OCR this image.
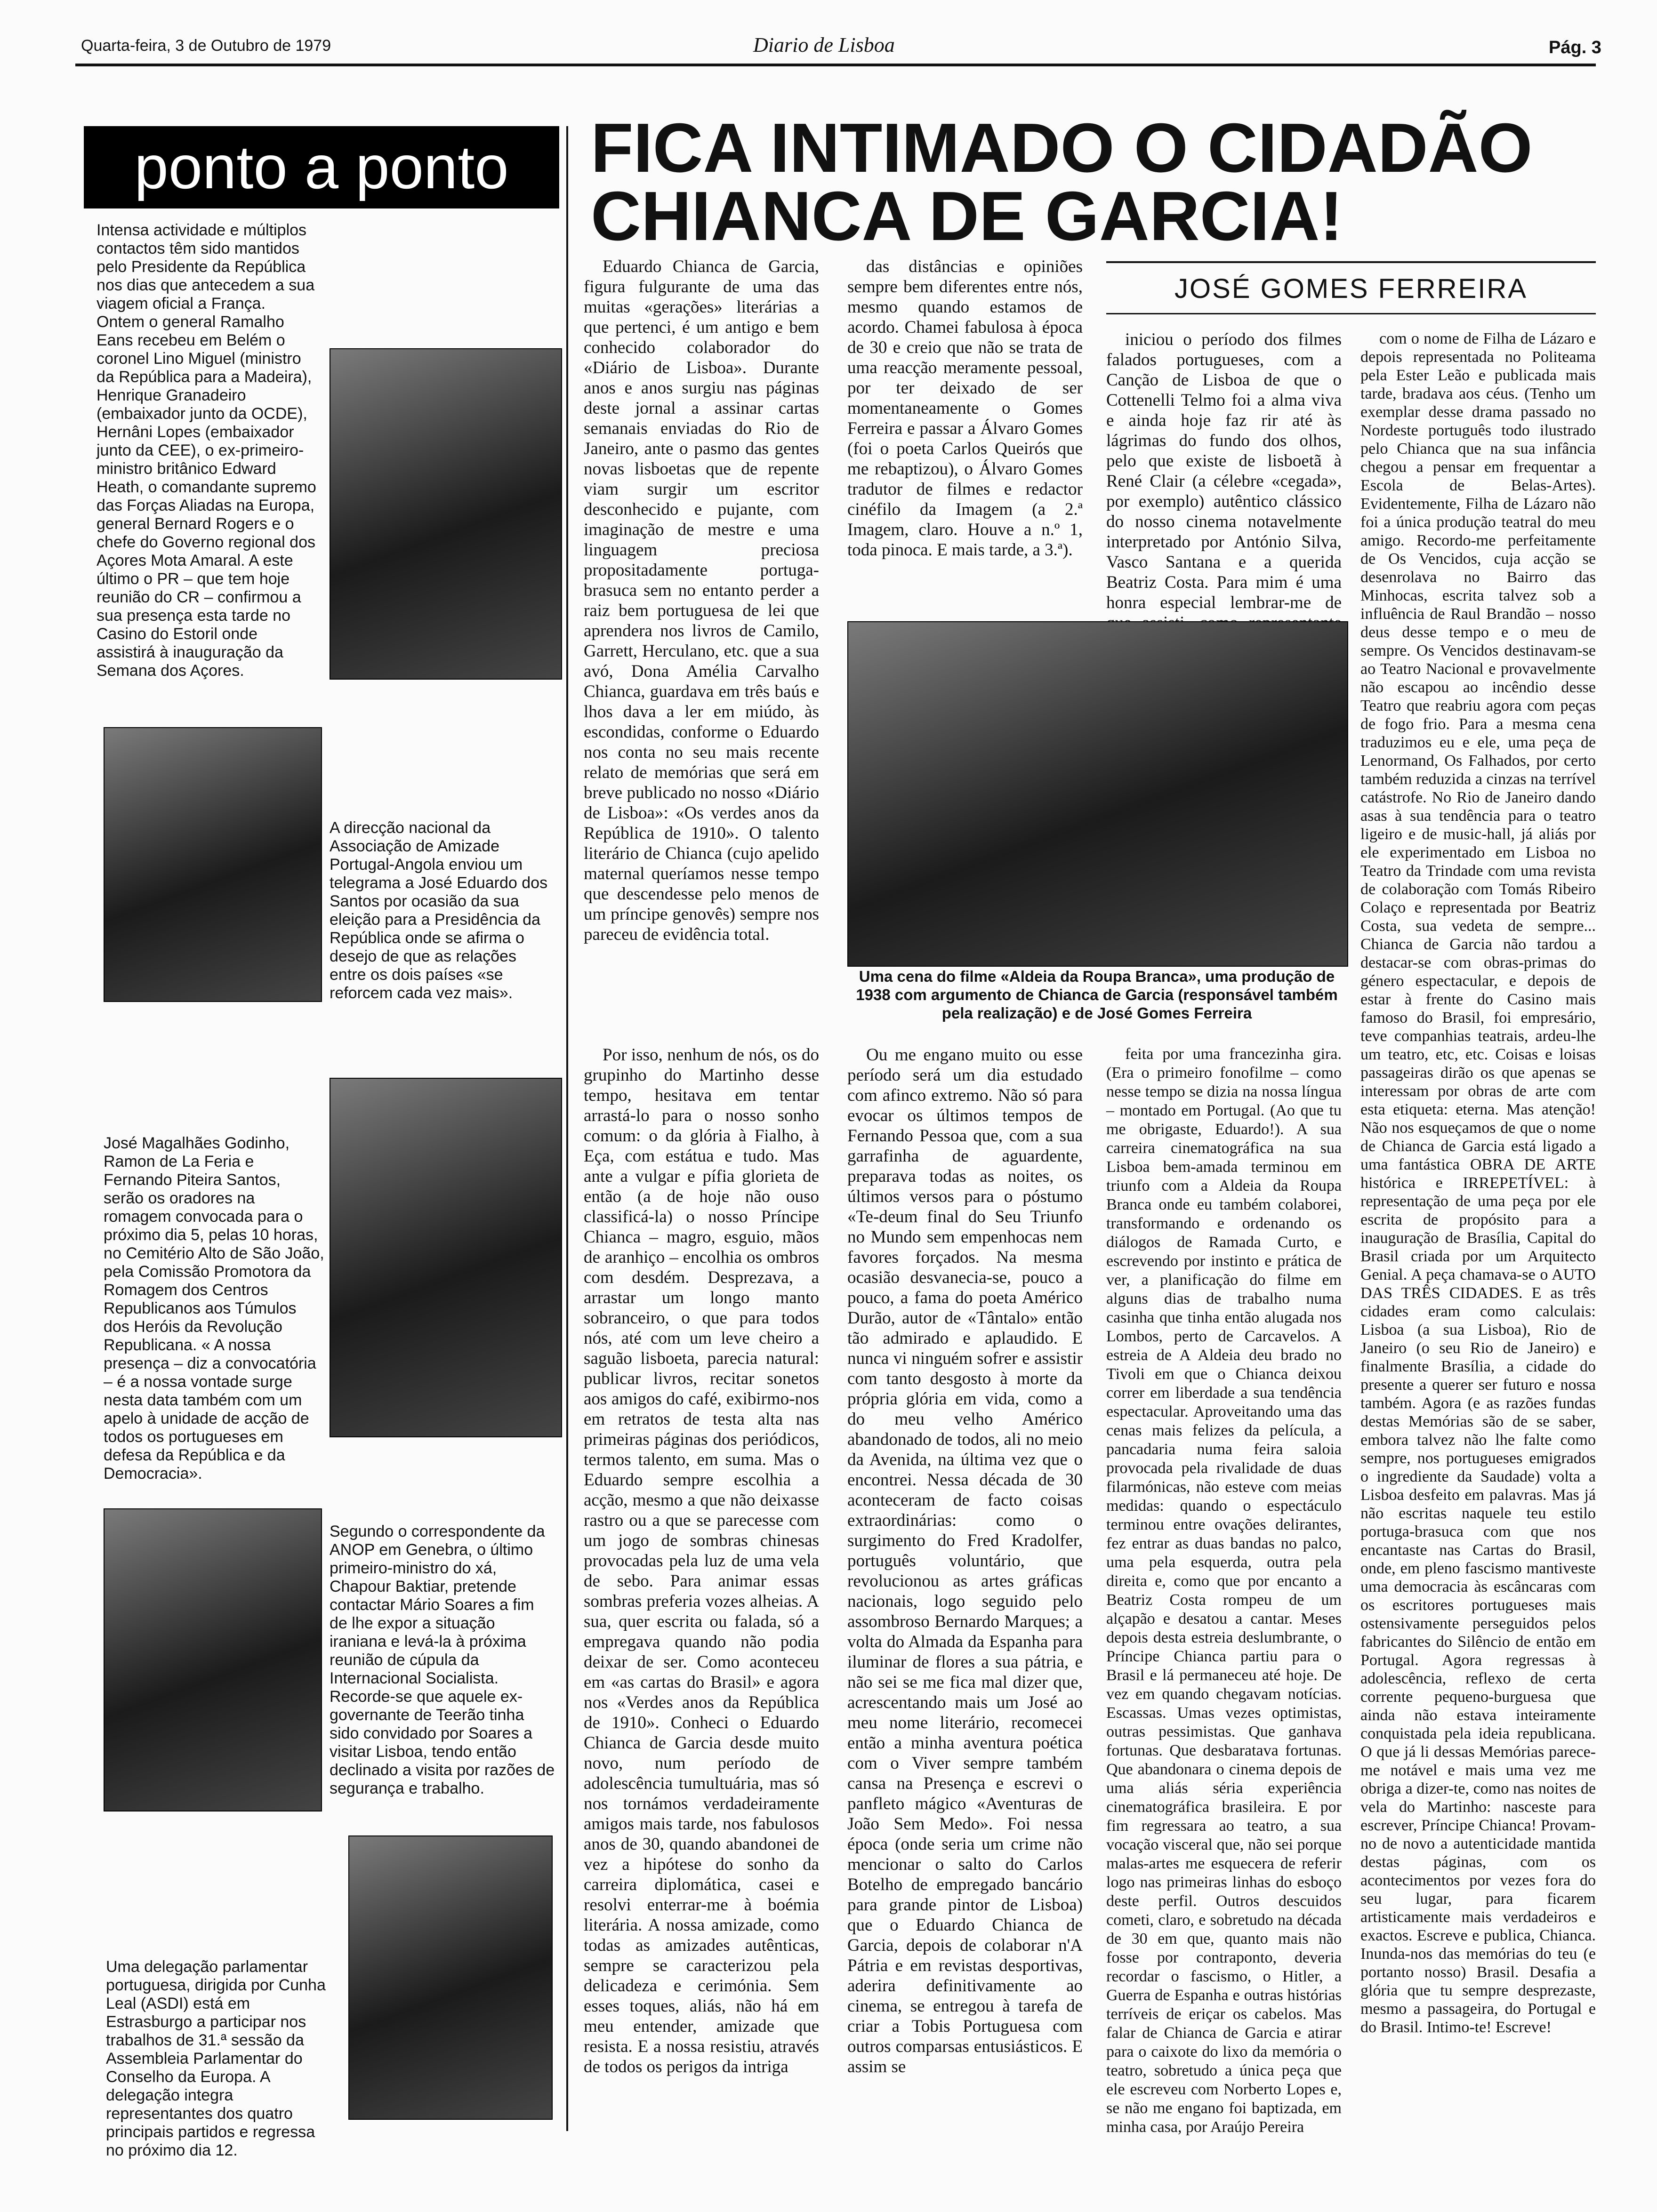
Quarta-feira, 3 de Outubro de 1979	Diario de Lisboa	Pág. 3
ponto a ponto
Intensa actividade e múltiplos contactos têm sido mantidos pelo Presidente da República nos dias que antecedem a sua viagem oficial a França. Ontem o general Ramalho Eans recebeu em Belém o coronel Lino Miguel (ministro da República para a Madeira), Henrique Granadeiro (embaixador junto da OCDE), Hernâni Lopes (embaixador junto da CEE), o ex-primeiro-ministro britânico Edward Heath, o comandante supremo das Forças Aliadas na Europa, general Bernard Rogers e o chefe do Governo regional dos Açores Mota Amaral. A este último o PR – que tem hoje reunião do CR – confirmou a sua presença esta tarde no Casino do Estoril onde assistirá à inauguração da Semana dos Açores.
A direcção nacional da Associação de Amizade Portugal-Angola enviou um telegrama a José Eduardo dos Santos por ocasião da sua eleição para a Presidência da República onde se afirma o desejo de que as relações entre os dois países «se reforcem cada vez mais».
José Magalhães Godinho, Ramon de La Feria e Fernando Piteira Santos, serão os oradores na romagem convocada para o próximo dia 5, pelas 10 horas, no Cemitério Alto de São João, pela Comissão Promotora da Romagem dos Centros Republicanos aos Túmulos dos Heróis da Revolução Republicana. « A nossa presença – diz a convocatória – é a nossa vontade surge nesta data também com um apelo à unidade de acção de todos os portugueses em defesa da República e da Democracia».
Segundo o correspondente da ANOP em Genebra, o último primeiro-ministro do xá, Chapour Baktiar, pretende contactar Mário Soares a fim de lhe expor a situação iraniana e levá-la à próxima reunião de cúpula da Internacional Socialista. Recorde-se que aquele ex-governante de Teerão tinha sido convidado por Soares a visitar Lisboa, tendo então declinado a visita por razões de segurança e trabalho.
Uma delegação parlamentar portuguesa, dirigida por Cunha Leal (ASDI) está em Estrasburgo a participar nos trabalhos de 31.ª sessão da Assembleia Parlamentar do Conselho da Europa. A delegação integra representantes dos quatro principais partidos e regressa no próximo dia 12.
FICA INTIMADO O CIDADÃO
CHIANCA DE GARCIA!
JOSÉ GOMES FERREIRA

Eduardo Chianca de Garcia, figura fulgurante de uma das muitas «gerações» literárias a que pertenci, é um antigo e bem conhecido colaborador do «Diário de Lisboa». Durante anos e anos surgiu nas páginas deste jornal a assinar cartas semanais enviadas do Rio de Janeiro, ante o pasmo das gentes novas lisboetas que de repente viam surgir um escritor desconhecido e pujante, com imaginação de mestre e uma linguagem preciosa propositadamente portuga-brasuca sem no entanto perder a raiz bem portuguesa de lei que aprendera nos livros de Camilo, Garrett, Herculano, etc. que a sua avó, Dona Amélia Carvalho Chianca, guardava em três baús e lhos dava a ler em miúdo, às escondidas, conforme o Eduardo nos conta no seu mais recente relato de memórias que será em breve publicado no nosso «Diário de Lisboa»: «Os verdes anos da República de 1910». O talento literário de Chianca (cujo apelido maternal queríamos nesse tempo que descendesse pelo menos de um príncipe genovês) sempre nos pareceu de evidência total.

das distâncias e opiniões sempre bem diferentes entre nós, mesmo quando estamos de acordo. Chamei fabulosa à época de 30 e creio que não se trata de uma reacção meramente pessoal, por ter deixado de ser momentaneamente o Gomes Ferreira e passar a Álvaro Gomes (foi o poeta Carlos Queirós que me rebaptizou), o Álvaro Gomes tradutor de filmes e redactor cinéfilo da Imagem (a 2.ª Imagem, claro. Houve a n.º 1, toda pinoca. E mais tarde, a 3.ª).

iniciou o período dos filmes falados portugueses, com a Canção de Lisboa de que o Cottenelli Telmo foi a alma viva e ainda hoje faz rir até às lágrimas do fundo dos olhos, pelo que existe de lisboetã à René Clair (a célebre «cegada», por exemplo) autêntico clássico do nosso cinema notavelmente interpretado por António Silva, Vasco Santana e a querida Beatriz Costa. Para mim é uma honra especial lembrar-me de

com o nome de Filha de Lázaro e depois representada no Politeama pela Ester Leão e publicada mais tarde, bradava aos céus. (Tenho um exemplar desse drama passado no Nordeste português todo ilustrado pelo Chianca que na sua infância chegou a pensar em frequentar a Escola de Belas-Artes). Evidentemente, Filha de Lázaro não foi a única produção teatral do meu amigo. Recordo-me perfeitamente de Os Vencidos, cuja acção se desenrolava no Bairro das Minhocas, escrita talvez sob a influência de Raul Brandão – nosso deus desse tempo e o meu de sempre. Os Vencidos destinavam-se ao Teatro Nacional e provavelmente não escapou ao incêndio desse Teatro que reabriu agora com peças de fogo frio. Para a mesma cena traduzimos eu e ele, uma peça de Lenormand, Os Falhados, por certo também reduzida a cinzas na terrível catástrofe. No Rio de Janeiro dando asas à sua tendência para o teatro ligeiro e de music-hall, já aliás por ele experimentado em Lisboa no Teatro da Trindade com uma revista de colaboração com Tomás Ribeiro Colaço e representada por Beatriz Costa, sua vedeta de sempre... Chianca de Garcia não tardou a destacar-se com obras-primas do género espectacular, e depois de estar à frente do Casino mais famoso do Brasil, foi empresário, teve companhias teatrais, ardeu-lhe um teatro, etc, etc. Coisas e loisas passageiras dirão os que apenas se interessam por obras de arte com esta etiqueta: eterna. Mas atenção! Não nos esqueçamos de que o nome de Chianca de Garcia está ligado a uma fantástica OBRA DE ARTE histórica e IRREPETÍVEL: à representação de uma peça por ele escrita de propósito para a inauguração de Brasília, Capital do Brasil criada por um Arquitecto Genial. A peça chamava-se o AUTO DAS TRÊS CIDADES. E as três cidades eram como calculais: Lisboa (a sua Lisboa), Rio de Janeiro (o seu Rio de Janeiro) e finalmente Brasília, a cidade do presente a querer ser futuro e nossa também. Agora (e as razões fundas destas Memórias são de se saber, embora talvez não lhe falte como sempre, nos portugueses emigrados o ingrediente da Saudade) volta a Lisboa desfeito em palavras. Mas já não escritas naquele teu estilo portuga-brasuca com que nos encantaste nas Cartas do Brasil, onde, em pleno fascismo mantiveste uma democracia às escâncaras com os escritores portugueses mais ostensivamente perseguidos pelos fabricantes do Silêncio de então em Portugal. Agora regressas à adolescência, reflexo de certa corrente pequeno-burguesa que ainda não estava inteiramente conquistada pela ideia republicana. O que já li dessas Memórias parece-me notável e mais uma vez me obriga a dizer-te, como nas noites de vela do Martinho: nasceste para escrever, Príncipe Chianca! Provam-no de novo a autenticidade mantida destas páginas, com os acontecimentos por vezes fora do seu lugar, para ficarem artisticamente mais verdadeiros e exactos. Escreve e publica, Chianca. Inunda-nos das memórias do teu (e portanto nosso) Brasil. Desafia a glória que tu sempre desprezaste, mesmo a passageira, do Portugal e do Brasil. Intimo-te! Escreve!

Uma cena do filme «Aldeia da Roupa Branca», uma produção de 1938 com argumento de Chianca de Garcia (responsável também pela realização) e de José Gomes Ferreira

Por isso, nenhum de nós, os do grupinho do Martinho desse tempo, hesitava em tentar arrastá-lo para o nosso sonho comum: o da glória à Fialho, à Eça, com estátua e tudo. Mas ante a vulgar e pífia glorieta de então (a de hoje não ouso classificá-la) o nosso Príncipe Chianca – magro, esguio, mãos de aranhiço – encolhia os ombros com desdém. Desprezava, a arrastar um longo manto sobranceiro, o que para todos nós, até com um leve cheiro a saguão lisboeta, parecia natural: publicar livros, recitar sonetos aos amigos do café, exibirmo-nos em retratos de testa alta nas primeiras páginas dos periódicos, termos talento, em suma. Mas o Eduardo sempre escolhia a acção, mesmo a que não deixasse rastro ou a que se parecesse com um jogo de sombras chinesas provocadas pela luz de uma vela de sebo. Para animar essas sombras preferia vozes alheias. A sua, quer escrita ou falada, só a empregava quando não podia deixar de ser. Como aconteceu em «as cartas do Brasil» e agora nos «Verdes anos da República de 1910». Conheci o Eduardo Chianca de Garcia desde muito novo, num período de adolescência tumultuária, mas só nos tornámos verdadeiramente amigos mais tarde, nos fabulosos anos de 30, quando abandonei de vez a hipótese do sonho da carreira diplomática, casei e resolvi enterrar-me à boémia literária. A nossa amizade, como todas as amizades autênticas, sempre se caracterizou pela delicadeza e cerimónia. Sem esses toques, aliás, não há em meu entender, amizade que resista. E a nossa resistiu, através de todos os perigos da intriga

Ou me engano muito ou esse período será um dia estudado com afinco extremo. Não só para evocar os últimos tempos de Fernando Pessoa que, com a sua garrafinha de aguardente, preparava todas as noites, os últimos versos para o póstumo «Te-deum final do Seu Triunfo no Mundo sem empenhocas nem favores forçados. Na mesma ocasião desvanecia-se, pouco a pouco, a fama do poeta Américo Durão, autor de «Tântalo» então tão admirado e aplaudido. E nunca vi ninguém sofrer e assistir com tanto desgosto à morte da própria glória em vida, como a do meu velho Américo abandonado de todos, ali no meio da Avenida, na última vez que o encontrei. Nessa década de 30 aconteceram de facto coisas extraordinárias: como o surgimento do Fred Kradolfer, português voluntário, que revolucionou as artes gráficas nacionais, logo seguido pelo assombroso Bernardo Marques; a volta do Almada da Espanha para iluminar de flores a sua pátria, e não sei se me fica mal dizer que, acrescentando mais um José ao meu nome literário, recomecei então a minha aventura poética com o Viver sempre também cansa na Presença e escrevi o panfleto mágico «Aventuras de João Sem Medo». Foi nessa época (onde seria um crime não mencionar o salto do Carlos Botelho de empregado bancário para grande pintor de Lisboa) que o Eduardo Chianca de Garcia, depois de colaborar n'A Pátria e em revistas desportivas, aderira definitivamente ao cinema, se entregou à tarefa de criar a Tobis Portuguesa com outros comparsas entusiásticos. E assim se

feita por uma francezinha gira. (Era o primeiro fonofilme – como nesse tempo se dizia na nossa língua – montado em Portugal. (Ao que tu me obrigaste, Eduardo!). A sua carreira cinematográfica na sua Lisboa bem-amada terminou em triunfo com a Aldeia da Roupa Branca onde eu também colaborei, transformando e ordenando os diálogos de Ramada Curto, e escrevendo por instinto e prática de ver, a planificação do filme em alguns dias de trabalho numa casinha que tinha então alugada nos Lombos, perto de Carcavelos. A estreia de A Aldeia deu brado no Tivoli em que o Chianca deixou correr em liberdade a sua tendência espectacular. Aproveitando uma das cenas mais felizes da película, a pancadaria numa feira saloia provocada pela rivalidade de duas filarmónicas, não esteve com meias medidas: quando o espectáculo terminou entre ovações delirantes, fez entrar as duas bandas no palco, uma pela esquerda, outra pela direita e, como que por encanto a Beatriz Costa rompeu de um alçapão e desatou a cantar. Meses depois desta estreia deslumbrante, o Príncipe Chianca partiu para o Brasil e lá permaneceu até hoje. De vez em quando chegavam notícias. Escassas. Umas vezes optimistas, outras pessimistas. Que ganhava fortunas. Que desbaratava fortunas. Que abandonara o cinema depois de uma aliás séria experiência cinematográfica brasileira. E por fim regressara ao teatro, a sua vocação visceral que, não sei porque malas-artes me esquecera de referir logo nas primeiras linhas do esboço deste perfil. Outros descuidos cometi, claro, e sobretudo na década de 30 em que, quanto mais não fosse por contraponto, deveria recordar o fascismo, o Hitler, a Guerra de Espanha e outras histórias terríveis de eriçar os cabelos. Mas falar de Chianca de Garcia e atirar para o caixote do lixo da memória o teatro, sobretudo a única peça que ele escreveu com Norberto Lopes e, se não me engano foi baptizada, em minha casa, por Araújo Pereira
